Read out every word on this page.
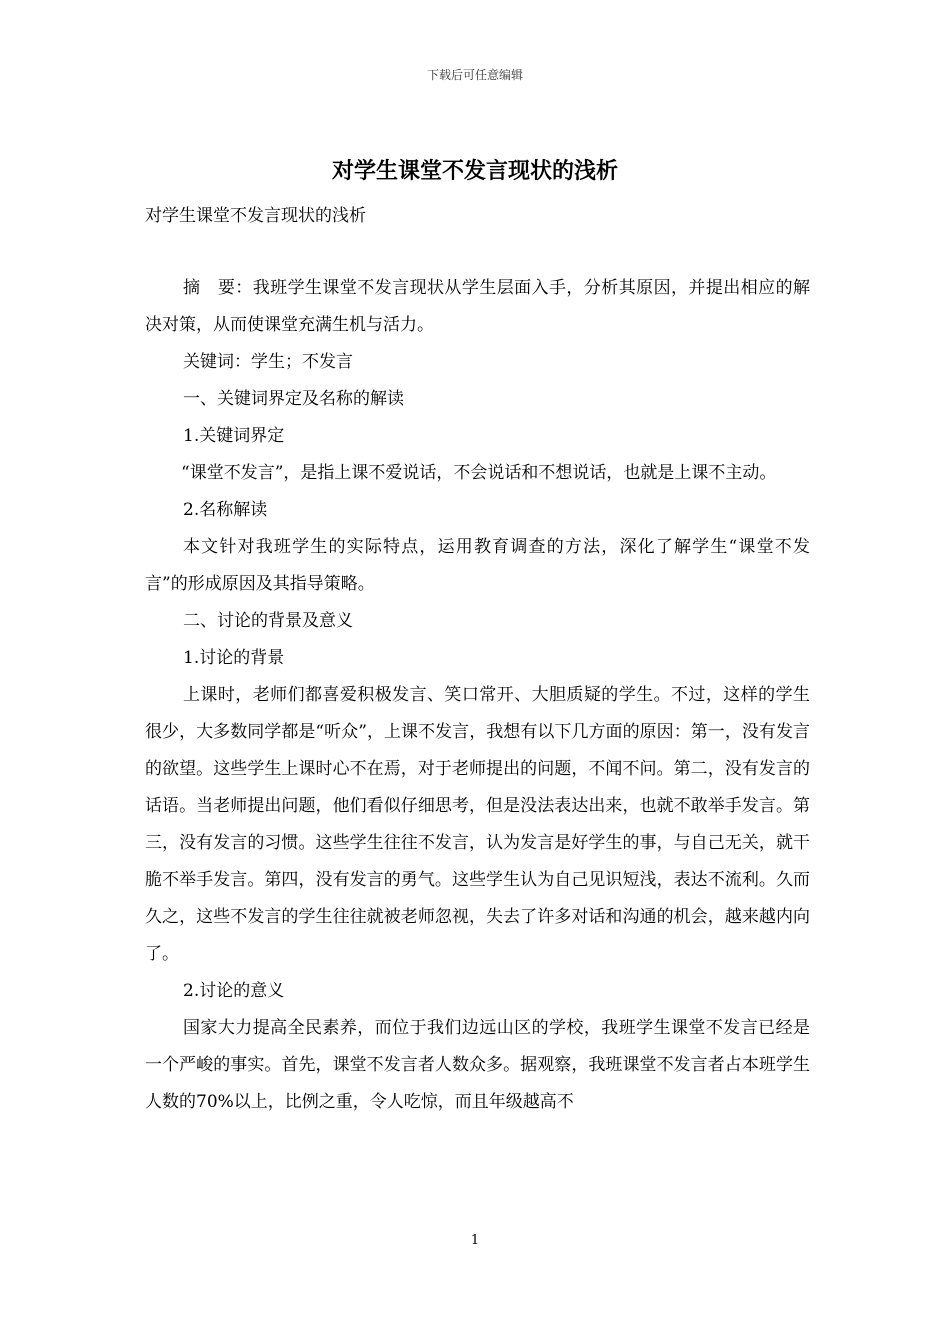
下载后可任意编辑
对学生课堂不发言现状的浅析
对学生课堂不发言现状的浅析

摘　要：我班学生课堂不发言现状从学生层面入手，分析其原因，并提出相应的解决对策，从而使课堂充满生机与活力。

关键词：学生；不发言

一、关键词界定及名称的解读

1.关键词界定

“课堂不发言”，是指上课不爱说话，不会说话和不想说话，也就是上课不主动。

2.名称解读

本文针对我班学生的实际特点，运用教育调查的方法，深化了解学生“课堂不发言”的形成原因及其指导策略。

二、讨论的背景及意义

1.讨论的背景

上课时，老师们都喜爱积极发言、笑口常开、大胆质疑的学生。不过，这样的学生很少，大多数同学都是“听众”，上课不发言，我想有以下几方面的原因：第一，没有发言的欲望。这些学生上课时心不在焉，对于老师提出的问题，不闻不问。第二，没有发言的话语。当老师提出问题，他们看似仔细思考，但是没法表达出来，也就不敢举手发言。第三，没有发言的习惯。这些学生往往不发言，认为发言是好学生的事，与自己无关，就干脆不举手发言。第四，没有发言的勇气。这些学生认为自己见识短浅，表达不流利。久而久之，这些不发言的学生往往就被老师忽视，失去了许多对话和沟通的机会，越来越内向了。

2.讨论的意义

国家大力提高全民素养，而位于我们边远山区的学校，我班学生课堂不发言已经是一个严峻的事实。首先，课堂不发言者人数众多。据观察，我班课堂不发言者占本班学生人数的70%以上，比例之重，令人吃惊，而且年级越高不

1
